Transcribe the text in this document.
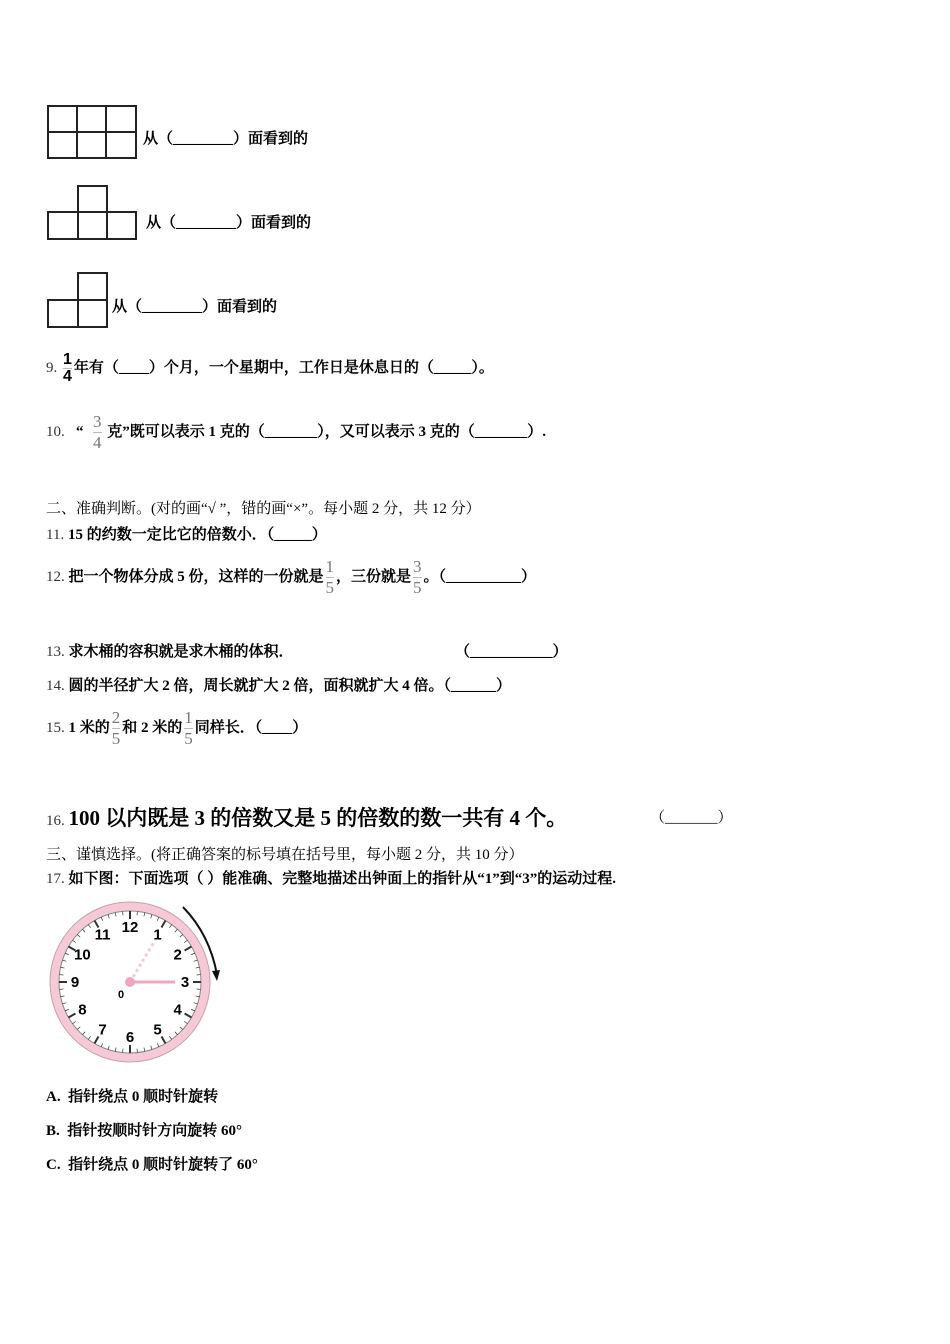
从（________）面看到的
从（________）面看到的
从（________）面看到的
9. $\frac{1}{4}$ 年有（____）个月，一个星期中，工作日是休息日的（_____）。
10. “ $\frac{3}{4}$ 克”既可以表示 1 克的（_______），又可以表示 3 克的（_______）.
二、准确判断。(对的画“√ ”，错的画“×”。每小题 2 分，共 12 分）
11. 15 的约数一定比它的倍数小．（_____）
12. 把一个物体分成 5 份，这样的一份就是 $\frac{1}{5}$ ，三份就是 $\frac{3}{5}$ 。（__________）
13. 求木桶的容积就是求木桶的体积．	（___________）
14. 圆的半径扩大 2 倍，周长就扩大 2 倍，面积就扩大 4 倍。（______）
15. 1 米的 $\frac{2}{5}$ 和 2 米的 $\frac{1}{5}$ 同样长．（____）
16. 100 以内既是 3 的倍数又是 5 的倍数的数一共有 4 个。	（_______）
三、谨慎选择。(将正确答案的标号填在括号里，每小题 2 分，共 10 分）
17. 如下图：下面选项（ ）能准确、完整地描述出钟面上的指针从“1”到“3”的运动过程.
12 1
2
3
4
5
6
7
8
9
10
11
0
A. 指针绕点 0 顺时针旋转
B. 指针按顺时针方向旋转 60°
C. 指针绕点 0 顺时针旋转了 60°
